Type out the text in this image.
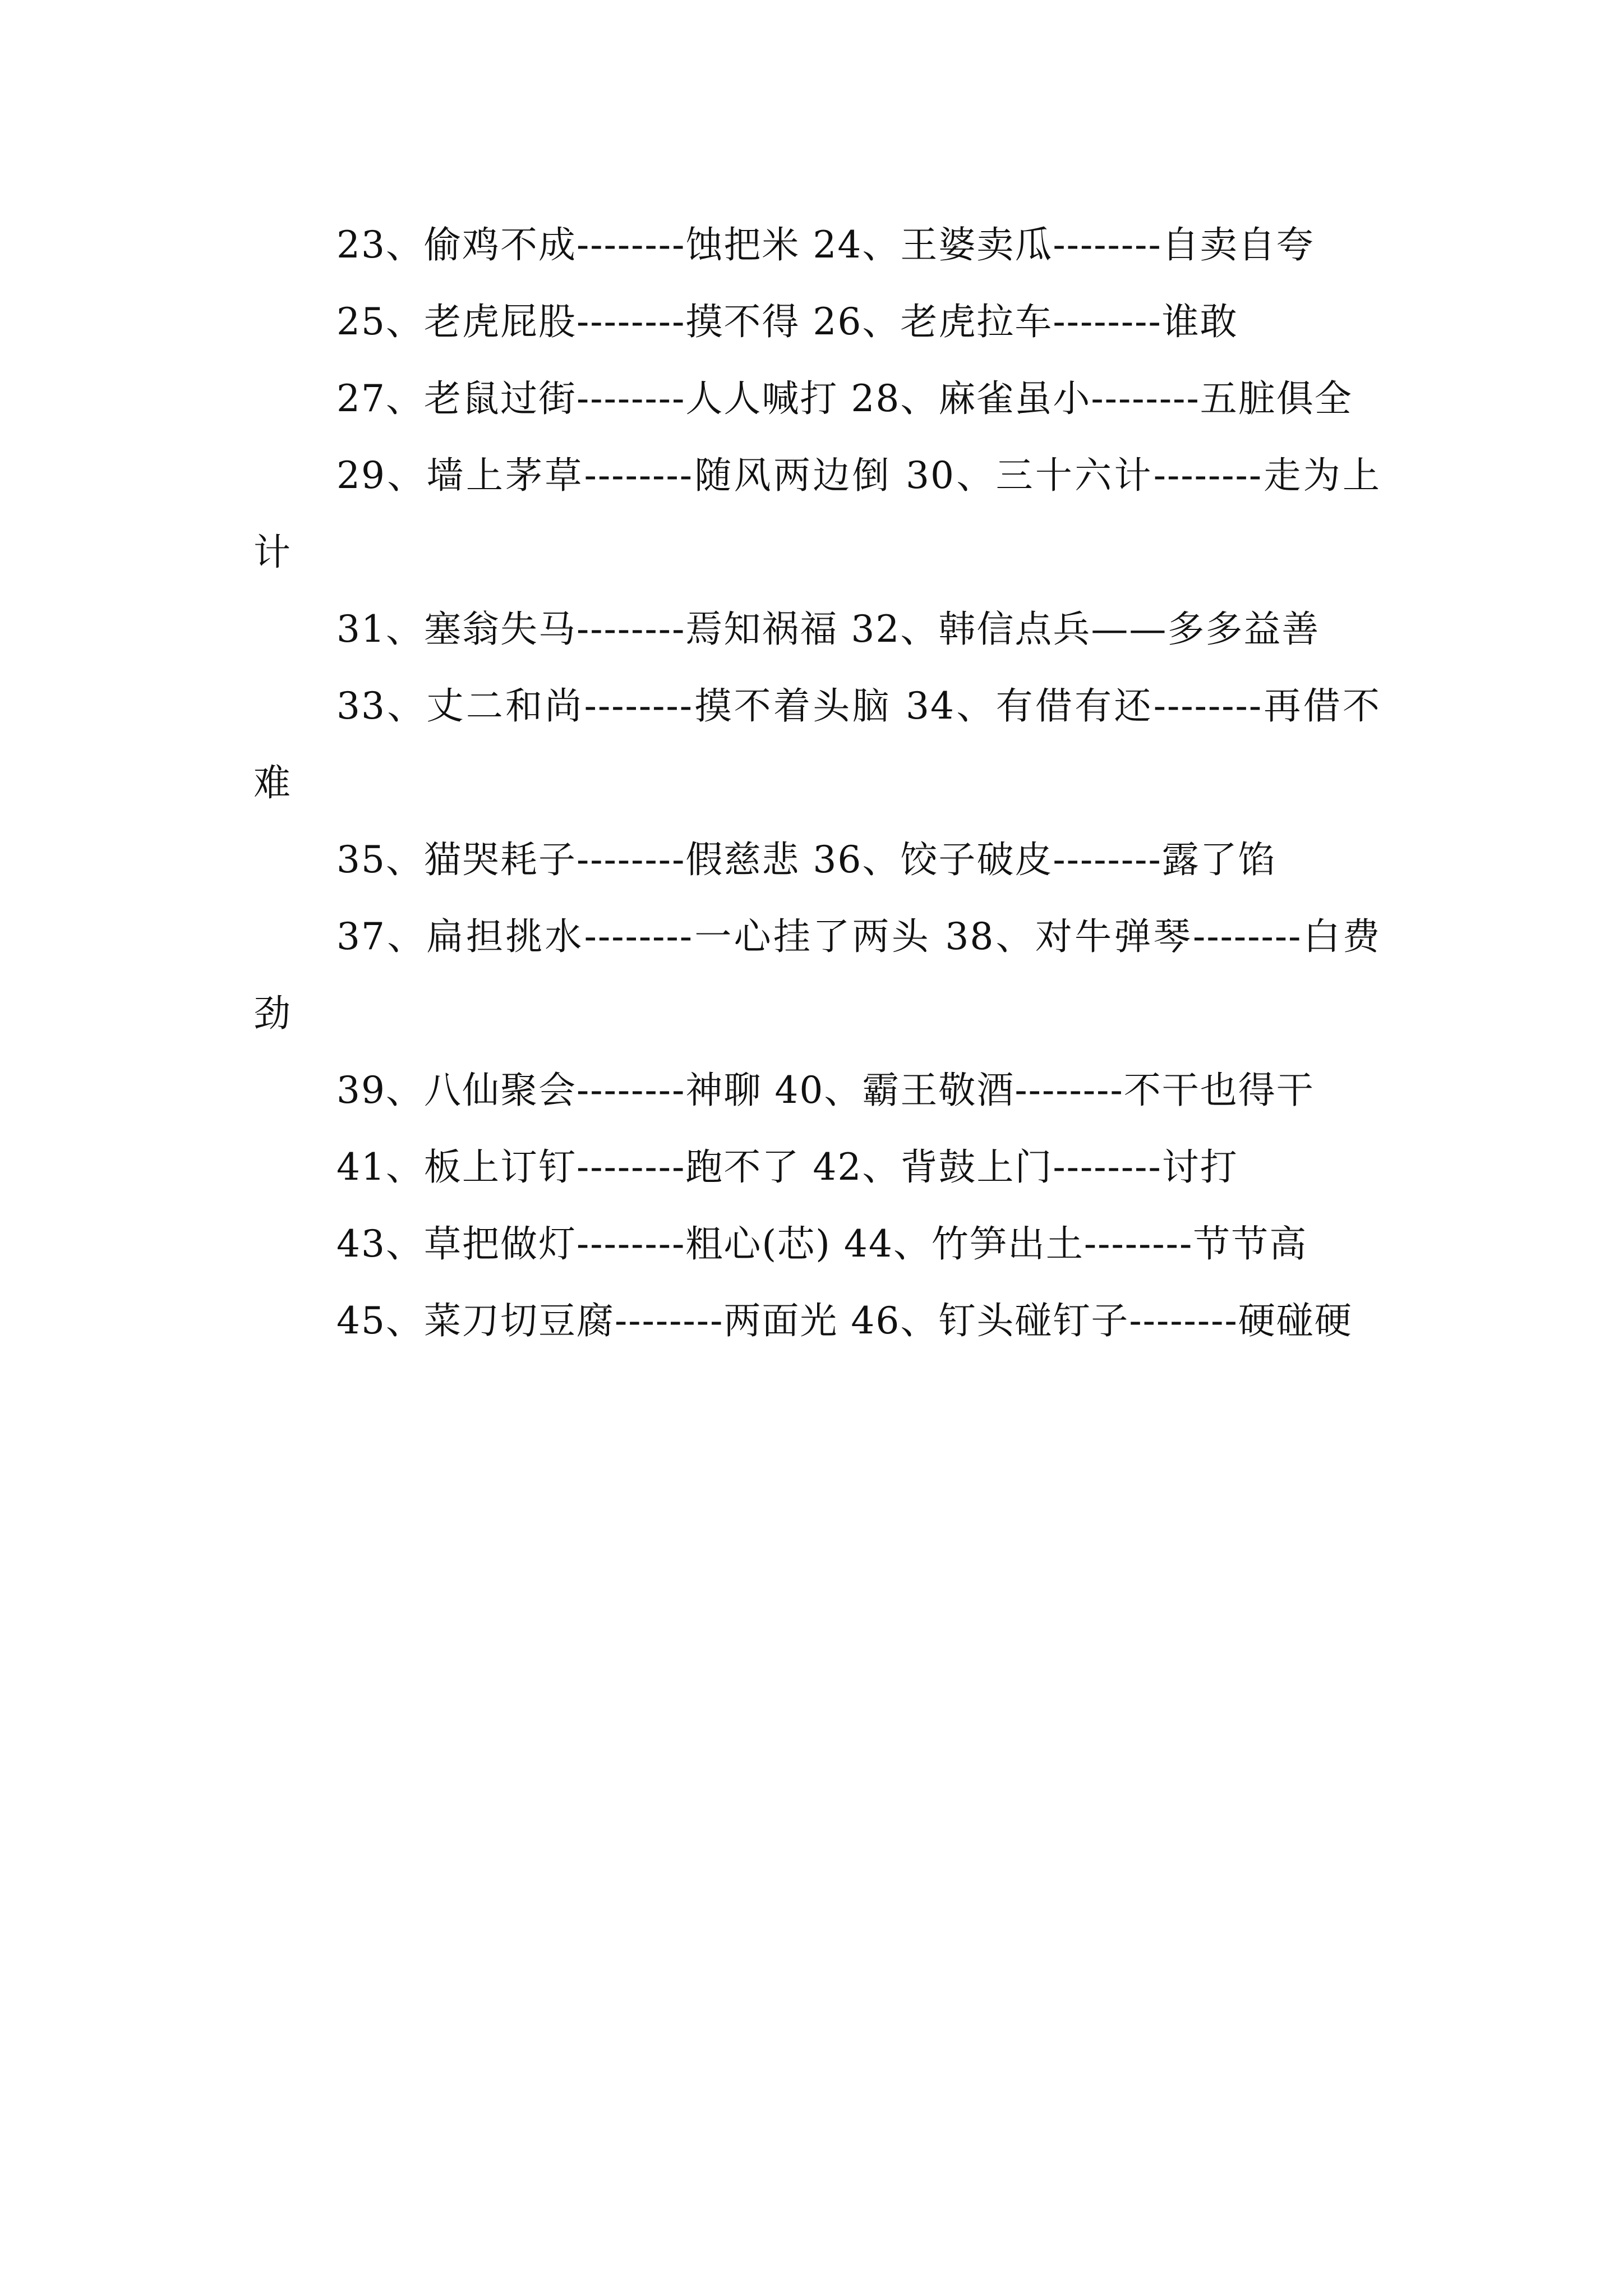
23、偷鸡不成--------蚀把米 24、王婆卖瓜--------自卖自夸

25、老虎屁股--------摸不得 26、老虎拉车--------谁敢

27、老鼠过街--------人人喊打 28、麻雀虽小--------五脏俱全

29、墙上茅草--------随风两边倒 30、三十六计--------走为上计

31、塞翁失马--------焉知祸福 32、韩信点兵——多多益善

33、丈二和尚--------摸不着头脑 34、有借有还--------再借不难

35、猫哭耗子--------假慈悲 36、饺子破皮--------露了馅

37、扁担挑水--------一心挂了两头 38、对牛弹琴--------白费劲

39、八仙聚会--------神聊 40、霸王敬酒--------不干也得干

41、板上订钉--------跑不了 42、背鼓上门--------讨打

43、草把做灯--------粗心(芯) 44、竹笋出土--------节节高

45、菜刀切豆腐--------两面光 46、钉头碰钉子--------硬碰硬
